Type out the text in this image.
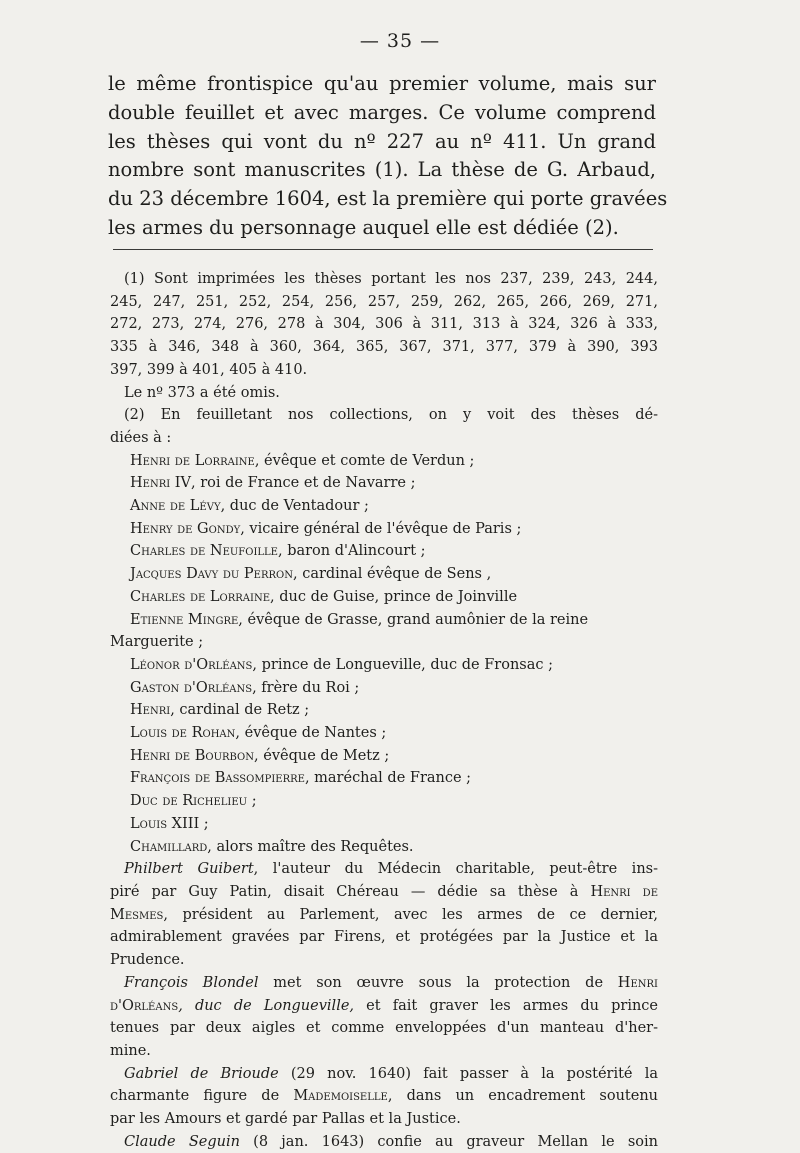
— 35 —
le même frontispice qu'au premier volume, mais sur
double feuillet et avec marges. Ce volume comprend
les thèses qui vont du nº 227 au nº 411. Un grand
nombre sont manuscrites (1). La thèse de G. Arbaud,
du 23 décembre 1604, est la première qui porte gravées
les armes du personnage auquel elle est dédiée (2).
(1) Sont imprimées les thèses portant les nos 237, 239, 243, 244,
245, 247, 251, 252, 254, 256, 257, 259, 262, 265, 266, 269, 271,
272, 273, 274, 276, 278 à 304, 306 à 311, 313 à 324, 326 à 333,
335 à 346, 348 à 360, 364, 365, 367, 371, 377, 379 à 390, 393
397, 399 à 401, 405 à 410.
Le nº 373 a été omis.
(2) En feuilletant nos collections, on y voit des thèses dé-
diées à :
Henri de Lorraine, évêque et comte de Verdun ;
Henri IV, roi de France et de Navarre ;
Anne de Lévy, duc de Ventadour ;
Henry de Gondy, vicaire général de l'évêque de Paris ;
Charles de Neufoille, baron d'Alincourt ;
Jacques Davy du Perron, cardinal évêque de Sens ,
Charles de Lorraine, duc de Guise, prince de Joinville
Etienne Mingre, évêque de Grasse, grand aumônier de la reine
Marguerite ;
Léonor d'Orléans, prince de Longueville, duc de Fronsac ;
Gaston d'Orléans, frère du Roi ;
Henri, cardinal de Retz ;
Louis de Rohan, évêque de Nantes ;
Henri de Bourbon, évêque de Metz ;
François de Bassompierre, maréchal de France ;
Duc de Richelieu ;
Louis XIII ;
Chamillard, alors maître des Requêtes.
Philbert Guibert, l'auteur du Médecin charitable, peut-être ins-
piré par Guy Patin, disait Chéreau — dédie sa thèse à Henri de
Mesmes, président au Parlement, avec les armes de ce dernier,
admirablement gravées par Firens, et protégées par la Justice et la
Prudence.
François Blondel met son œuvre sous la protection de Henri
d'Orléans, duc de Longueville, et fait graver les armes du prince
tenues par deux aigles et comme enveloppées d'un manteau d'her-
mine.
Gabriel de Brioude (29 nov. 1640) fait passer à la postérité la
charmante figure de Mademoiselle, dans un encadrement soutenu
par les Amours et gardé par Pallas et la Justice.
Claude Seguin (8 jan. 1643) confie au graveur Mellan le soin
